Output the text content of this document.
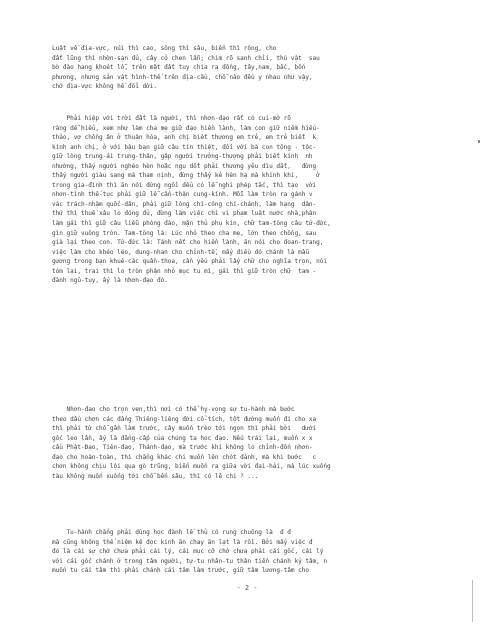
Luật về địa-vực, núi thì cao, sông thì sâu, biển thì rộng, cho
đất lũng thì nhờn-sạn đủ, cây cỏ chen lẫn; chim rõ sanh chỉi, thú vật  sau
bờ đào hang khoét lỗ, trên mặt đất tuy chia ra đồng, tây,nam, bắc, bốn
phương, nhưng sản vật hình-thể trên địa-cầu, chỗ nào đều y nhau như vậy,
chớ địa-vực không hề đổi dời.

Phải hiệp với trời đất là người, thì nhơn-đạo rất có cui-mở rõ
ràng dễ hiểu, xem như làm cha mẹ giữ đạo hiền lành, làm con giữ niềm hiếu-
thảo, vợ chồng ân ở thuận hòa, anh chị biết thương em trẻ, em trẻ biết  k
kính anh chị, ở với bậu bạn giữ câu tín thiệt, đối với bà con tông - tộc-
giữ lòng trung-ái trung-thân, gặp người trưởng-thượng phải biết kính  nh
nhường, thấy người nghèo hèn hoặc ngu dốt phải thương yêu dìu dắt,   đừng
thấy người giàu sang mà tham nịnh, đừng thấy kẻ hèn hạ mà khinh khi,     ở
trong gia-đình thì ăn nói đứng ngồi đều có lễ nghi phép tắc, thì tạo  với
nhơn-tình thế-tục phải giữ lễ cẩn-thận cung-kính. Mỗi làm tròn ra gánh v
vác trách-nhậm quốc-dân, phải giữ lòng chí-công chí-chánh, làm hạng  dân-
thứ thì thuế xâu lo đóng đủ, đừng làm việc chi vi phạm luật nước nhà,phận
làm gái thì giữ câu liễu phòng đào, mặn thủ phụ kín, chữ tam-tòng câu tứ-đức,
gìn giữ vuông tròn. Tam-tòng là: Lúc nhỏ theo cha mẹ, lớn theo chồng, sau
già lại theo con. Tứ-đức là: Tánh nết cho hiền lành, ăn nói cho đoan-trang,
việc làm cho khéo léo, dung-nhan cho chỉnh-tề, mấy điều đó chánh là mẫu
gương trong bạn khuê-các quần-thoa, cần yếu phải lấy chữ cho nghĩa trọn, nói
tóm lại, trai thì lo tròn phận nhỏ mục tu mì, gái thì giữ tròn chữ  tam -
đành ngũ-tụy, ấy là nhơn-đạo đó.

Nhơn-đạo cho trọn vẹn,thì nơi có thể hy-vọng sự tu-hành mà bước
theo dấu chơn các đấng Thiêng-liêng đời cổ-tích, tột đường muốn đi cho xa
thì phải từ chỗ gần làm trước, cây muốn trèo tới ngọn thì phải bởi   dưới
gốc leo lần, ấy là đẳng-cấp của chúng ta học đạo. Nếu trái lại, muốn x x
cầu Phật-Đạo, Tiên-đạo, Thánh-đạo, mà trước khi không lo chỉnh-đốn nhơn-
đạo cho hoàn-toàn, thì chẳng khác chi muốn lên chót đảnh, mà khi bước   c
chơn không chịu lội qua gò trũng, biển muốn ra giữa vời đại-hải, mà lúc xuống
tàu không muốn xuống tới chỗ bến sâu, thì có lẽ chi ? ...

Tu-hành chẳng phải dùng học đành lề thủ có rung chuông là  đ đ
mà cũng không thể niệm kệ đọc kinh ăn chay ăn lạt là rồi. Bởi mấy việc đ
đó là cái sự chớ chưa phải cái lý, cái mục cỡ chớ chưa phải cái gốc, cái lý
với cái gốc chánh ở trong tâm người, tự-tu nhân-tu thân tiến chánh kỷ tâm, n
muốn tu cái tâm thì phải chánh cái tâm làm trước, giữ tâm lương-tâm cho

- 2 -
